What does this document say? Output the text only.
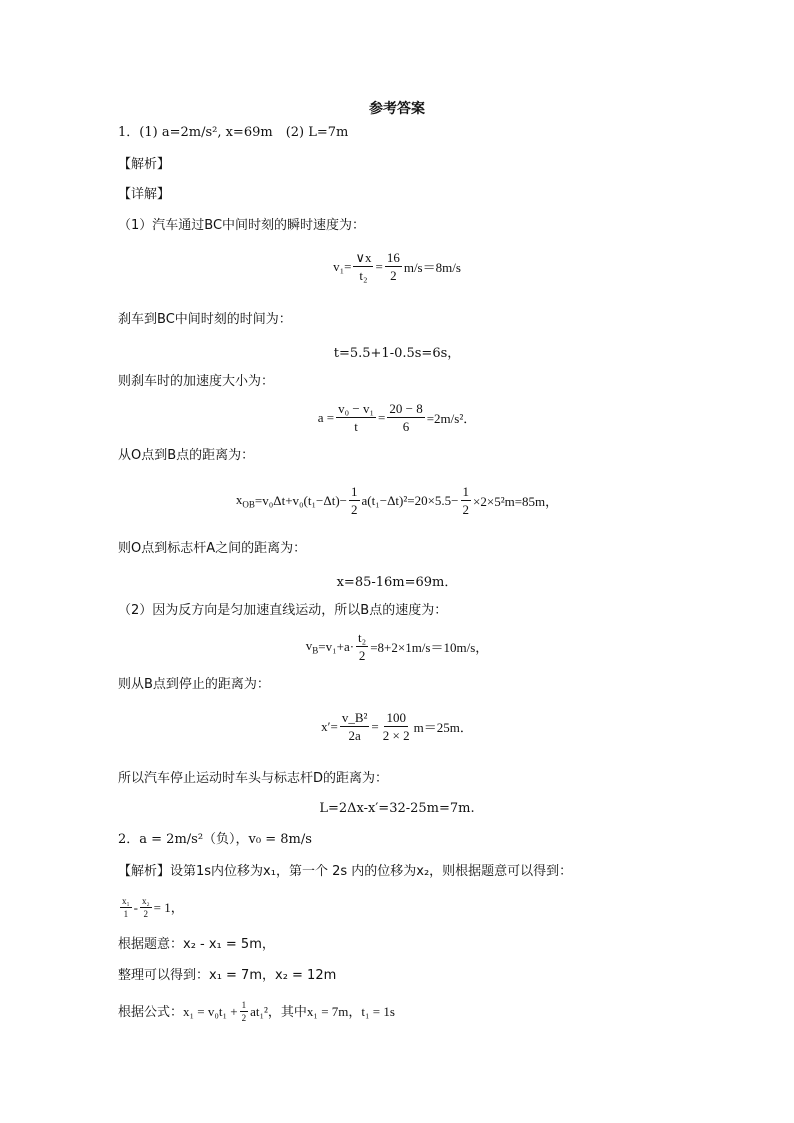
参考答案
1．(1) a=2m/s², x=69m　(2) L=7m
【解析】
【详解】
（1）汽车通过BC中间时刻的瞬时速度为：
$v_1= \frac{\vee x}{\text{t₂}} = \frac{16}{2} m/s=8m/s$
刹车到BC中间时刻的时间为：
t=5.5+1-0.5s=6s，
则刹车时的加速度大小为：
$a = \frac{\text{v₀ − v₁}}{t} = \frac{20 - 8}{6} =2m/s^2$．
从O点到B点的距离为：
$x_{OB} =v_0\Delta t+v_0(t_1-\Delta t)- \frac{1}{2} a(t_1-\Delta t)^2=20\times 5.5- \frac{1}{2} \times 2\times 5^2m=85m$，
则O点到标志杆A之间的距离为：
x=85-16m=69m．
（2）因为反方向是匀加速直线运动，所以B点的速度为：
$v_B =v_1+a\cdot \frac{\text{t₂}}{2} =8+2\times 1m/s=10m/s$，
则从B点到停止的距离为：
$x'= \frac{\text{v\_B²}}{2a} = \frac{100}{2 \times 2} m=25m$．
所以汽车停止运动时车头与标志杆D的距离为：
L=2Δx-x′=32-25m=7m.
2．a = 2m/s²（负），v₀ = 8m/s
【解析】设第1s内位移为x₁，第一个 2s 内的位移为x₂，则根据题意可以得到：
$\frac{\text{x₁}}{1} - \frac{\text{x₂}}{2} = 1$，
根据题意：x₂ - x₁ = 5m，
整理可以得到：x₁ = 7m，x₂ = 12m
根据公式：$x_1 = v_0t_1 + \frac{1}{2} at_1^2$，其中x₁ = 7m，t₁ = 1s
